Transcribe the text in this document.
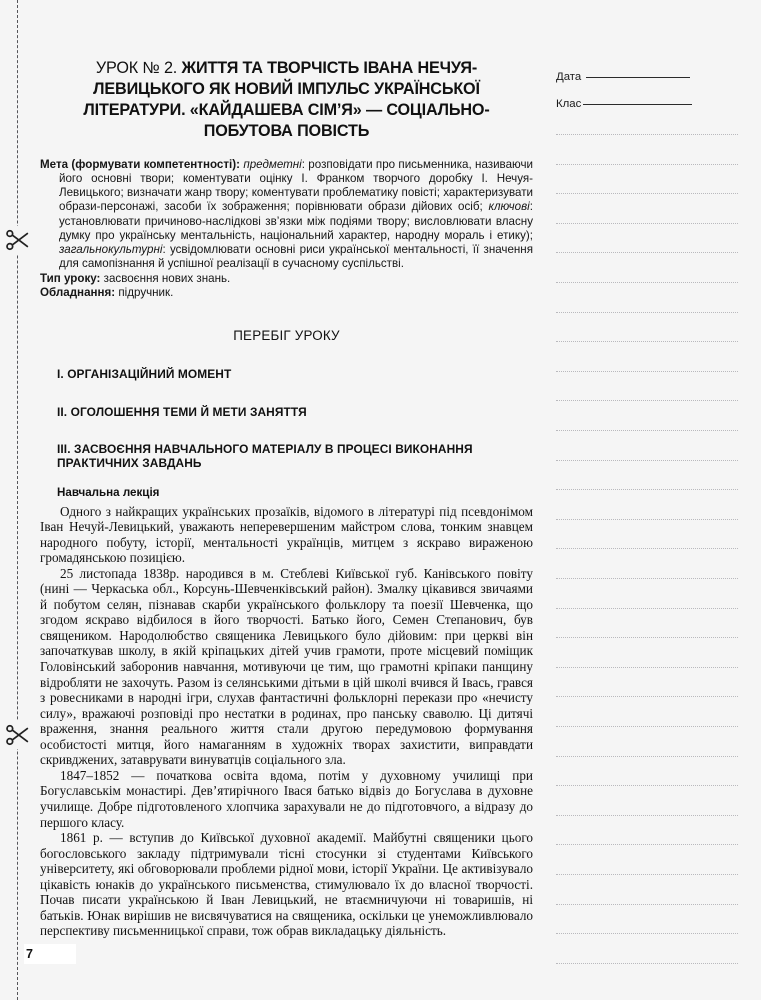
УРОК № 2. ЖИТТЯ ТА ТВОРЧІСТЬ ІВАНА НЕЧУЯ-ЛЕВИЦЬКОГО ЯК НОВИЙ ІМПУЛЬС УКРАЇНСЬКОЇ ЛІТЕРАТУРИ. «КАЙДАШЕВА СІМ’Я» — СОЦІАЛЬНО-ПОБУТОВА ПОВІСТЬ

Мета (формувати компетентності): предметні: розповідати про письменника, називаючи його основні твори; коментувати оцінку І. Франком творчого доробку І. Нечуя-Левицького; визначати жанр твору; коментувати проблематику повісті; характеризувати образи-персонажі, засоби їх зображення; порівнювати образи дійових осіб; ключові: установлювати причиново-наслідкові зв’язки між подіями твору; висловлювати власну думку про українську ментальність, національний характер, народну мораль і етику); загальнокультурні: усвідомлювати основні риси української ментальності, її значення для самопізнання й успішної реалізації в сучасному суспільстві.

Тип уроку: засвоєння нових знань.

Обладнання: підручник.

ПЕРЕБІГ УРОКУ

I. ОРГАНІЗАЦІЙНИЙ МОМЕНТ

II. ОГОЛОШЕННЯ ТЕМИ Й МЕТИ ЗАНЯТТЯ

III. ЗАСВОЄННЯ НАВЧАЛЬНОГО МАТЕРІАЛУ В ПРОЦЕСІ ВИКОНАННЯ ПРАКТИЧНИХ ЗАВДАНЬ

Навчальна лекція

Одного з найкращих українських прозаїків, відомого в літературі під псевдонімом Іван Нечуй-Левицький, уважають неперевершеним майстром слова, тонким знавцем народного побуту, історії, ментальності українців, митцем з яскраво вираженою громадянською позицією.

25 листопада 1838р. народився в м. Стеблеві Київської губ. Канівського повіту (нині — Черкаська обл., Корсунь-Шевченківський район). Змалку цікавився звичаями й побутом селян, пізнавав скарби українського фольклору та поезії Шевченка, що згодом яскраво відбилося в його творчості. Батько його, Семен Степанович, був священиком. Народолюбство священика Левицького було дійовим: при церкві він започаткував школу, в якій кріпацьких дітей учив грамоти, проте місцевий поміщик Головінський заборонив навчання, мотивуючи це тим, що грамотні кріпаки панщину відробляти не захочуть. Разом із селянськими дітьми в цій школі вчився й Івась, грався з ровесниками в народні ігри, слухав фантастичні фольклорні перекази про «нечисту силу», вражаючі розповіді про нестатки в родинах, про панську сваволю. Ці дитячі враження, знання реального життя стали другою передумовою формування особистості митця, його намаганням в художніх творах захистити, виправдати скривджених, затаврувати винуватців соціального зла.

1847–1852 — початкова освіта вдома, потім у духовному училищі при Богуславськім монастирі. Дев’ятирічного Івася батько відвіз до Богуслава в духовне училище. Добре підготовленого хлопчика зарахували не до підготовчого, а відразу до першого класу.

1861 р. — вступив до Київської духовної академії. Майбутні священики цього богословського закладу підтримували тісні стосунки зі студентами Київського університету, які обговорювали проблеми рідної мови, історії України. Це активізувало цікавість юнаків до українського письменства, стимулювало їх до власної творчості. Почав писати українською й Іван Левицький, не втаємничуючи ні товаришів, ні батьків. Юнак вирішив не висвячуватися на священика, оскільки це унеможливлювало перспективу письменницької справи, тож обрав викладацьку діяльність.

Дата
Клас
7
